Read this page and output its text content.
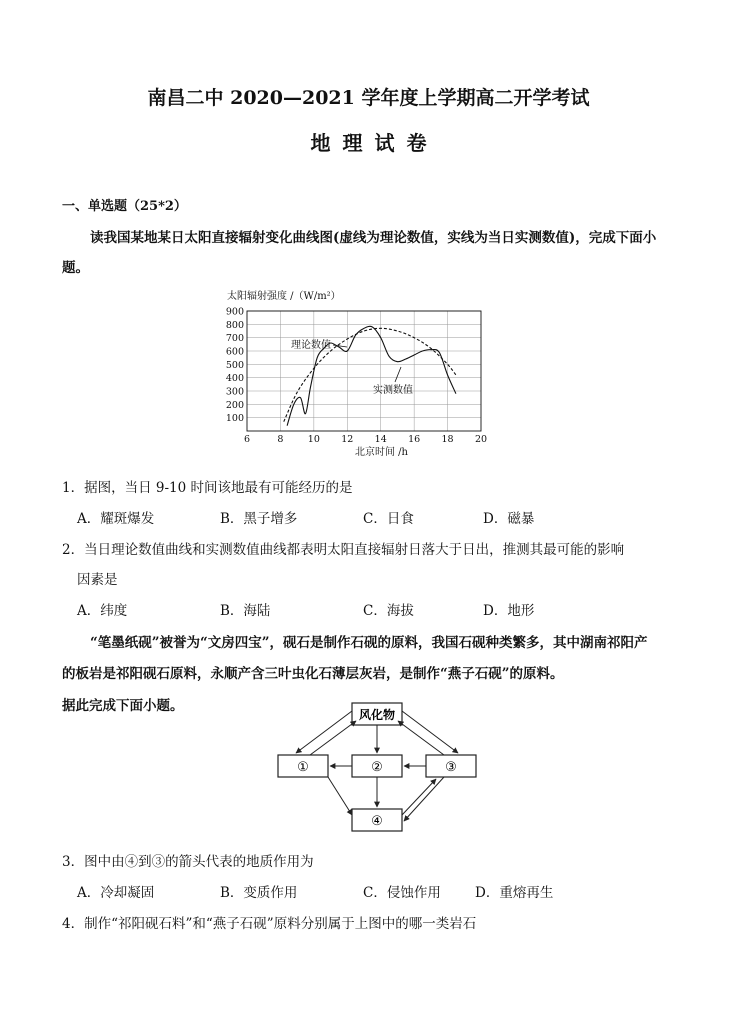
南昌二中 2020—2021 学年度上学期高二开学考试
地理试卷
一、单选题（25*2）
读我国某地某日太阳直接辐射变化曲线图(虚线为理论数值，实线为当日实测数值)，完成下面小
题。
太阳辐射强度 /（W/m²）
100
200
300
400
500
600
700
800
900
6	8	10 12 14 16 18 20
理论数值
实测数值
北京时间 /h
1．据图，当日 9-10 时间该地最有可能经历的是
A．耀斑爆发	B．黑子增多	C．日食	D．磁暴
2．当日理论数值曲线和实测数值曲线都表明太阳直接辐射日落大于日出，推测其最可能的影响
因素是
A．纬度	B．海陆	C．海拔	D．地形
“笔墨纸砚”被誉为“文房四宝”，砚石是制作石砚的原料，我国石砚种类繁多，其中湖南祁阳产
的板岩是祁阳砚石原料，永顺产含三叶虫化石薄层灰岩，是制作“燕子石砚”的原料。
据此完成下面小题。
风化物
①	②	③
④
3．图中由④到③的箭头代表的地质作用为
A．冷却凝固	B．变质作用	C．侵蚀作用	D．重熔再生
4．制作“祁阳砚石料”和“燕子石砚”原料分别属于上图中的哪一类岩石
